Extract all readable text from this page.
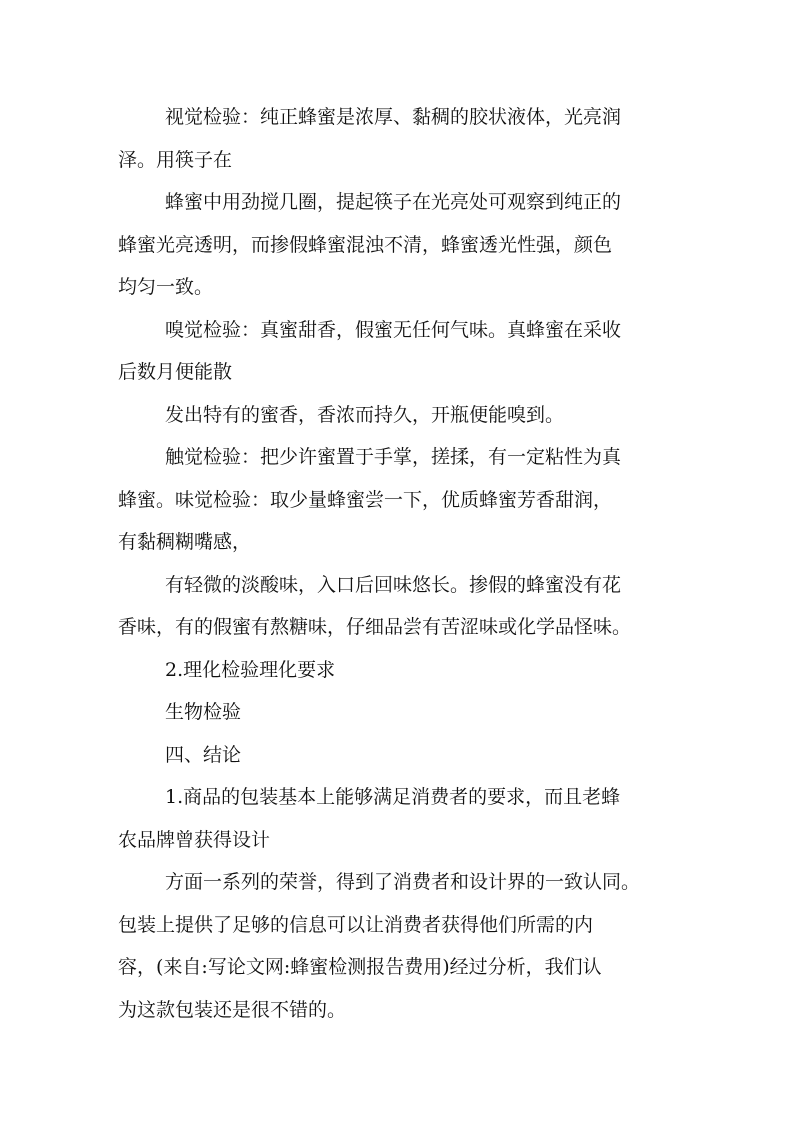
视觉检验：纯正蜂蜜是浓厚、黏稠的胶状液体，光亮润
泽。用筷子在
蜂蜜中用劲搅几圈，提起筷子在光亮处可观察到纯正的
蜂蜜光亮透明，而掺假蜂蜜混浊不清，蜂蜜透光性强，颜色
均匀一致。
嗅觉检验：真蜜甜香，假蜜无任何气味。真蜂蜜在采收
后数月便能散
发出特有的蜜香，香浓而持久，开瓶便能嗅到。
触觉检验：把少许蜜置于手掌，搓揉，有一定粘性为真
蜂蜜。味觉检验：取少量蜂蜜尝一下，优质蜂蜜芳香甜润，
有黏稠糊嘴感，
有轻微的淡酸味，入口后回味悠长。掺假的蜂蜜没有花
香味，有的假蜜有熬糖味，仔细品尝有苦涩味或化学品怪味。
2.理化检验理化要求
生物检验
四、结论
1.商品的包装基本上能够满足消费者的要求，而且老蜂
农品牌曾获得设计
方面一系列的荣誉，得到了消费者和设计界的一致认同。
包装上提供了足够的信息可以让消费者获得他们所需的内
容，(来自:写论文网:蜂蜜检测报告费用)经过分析，我们认
为这款包装还是很不错的。
